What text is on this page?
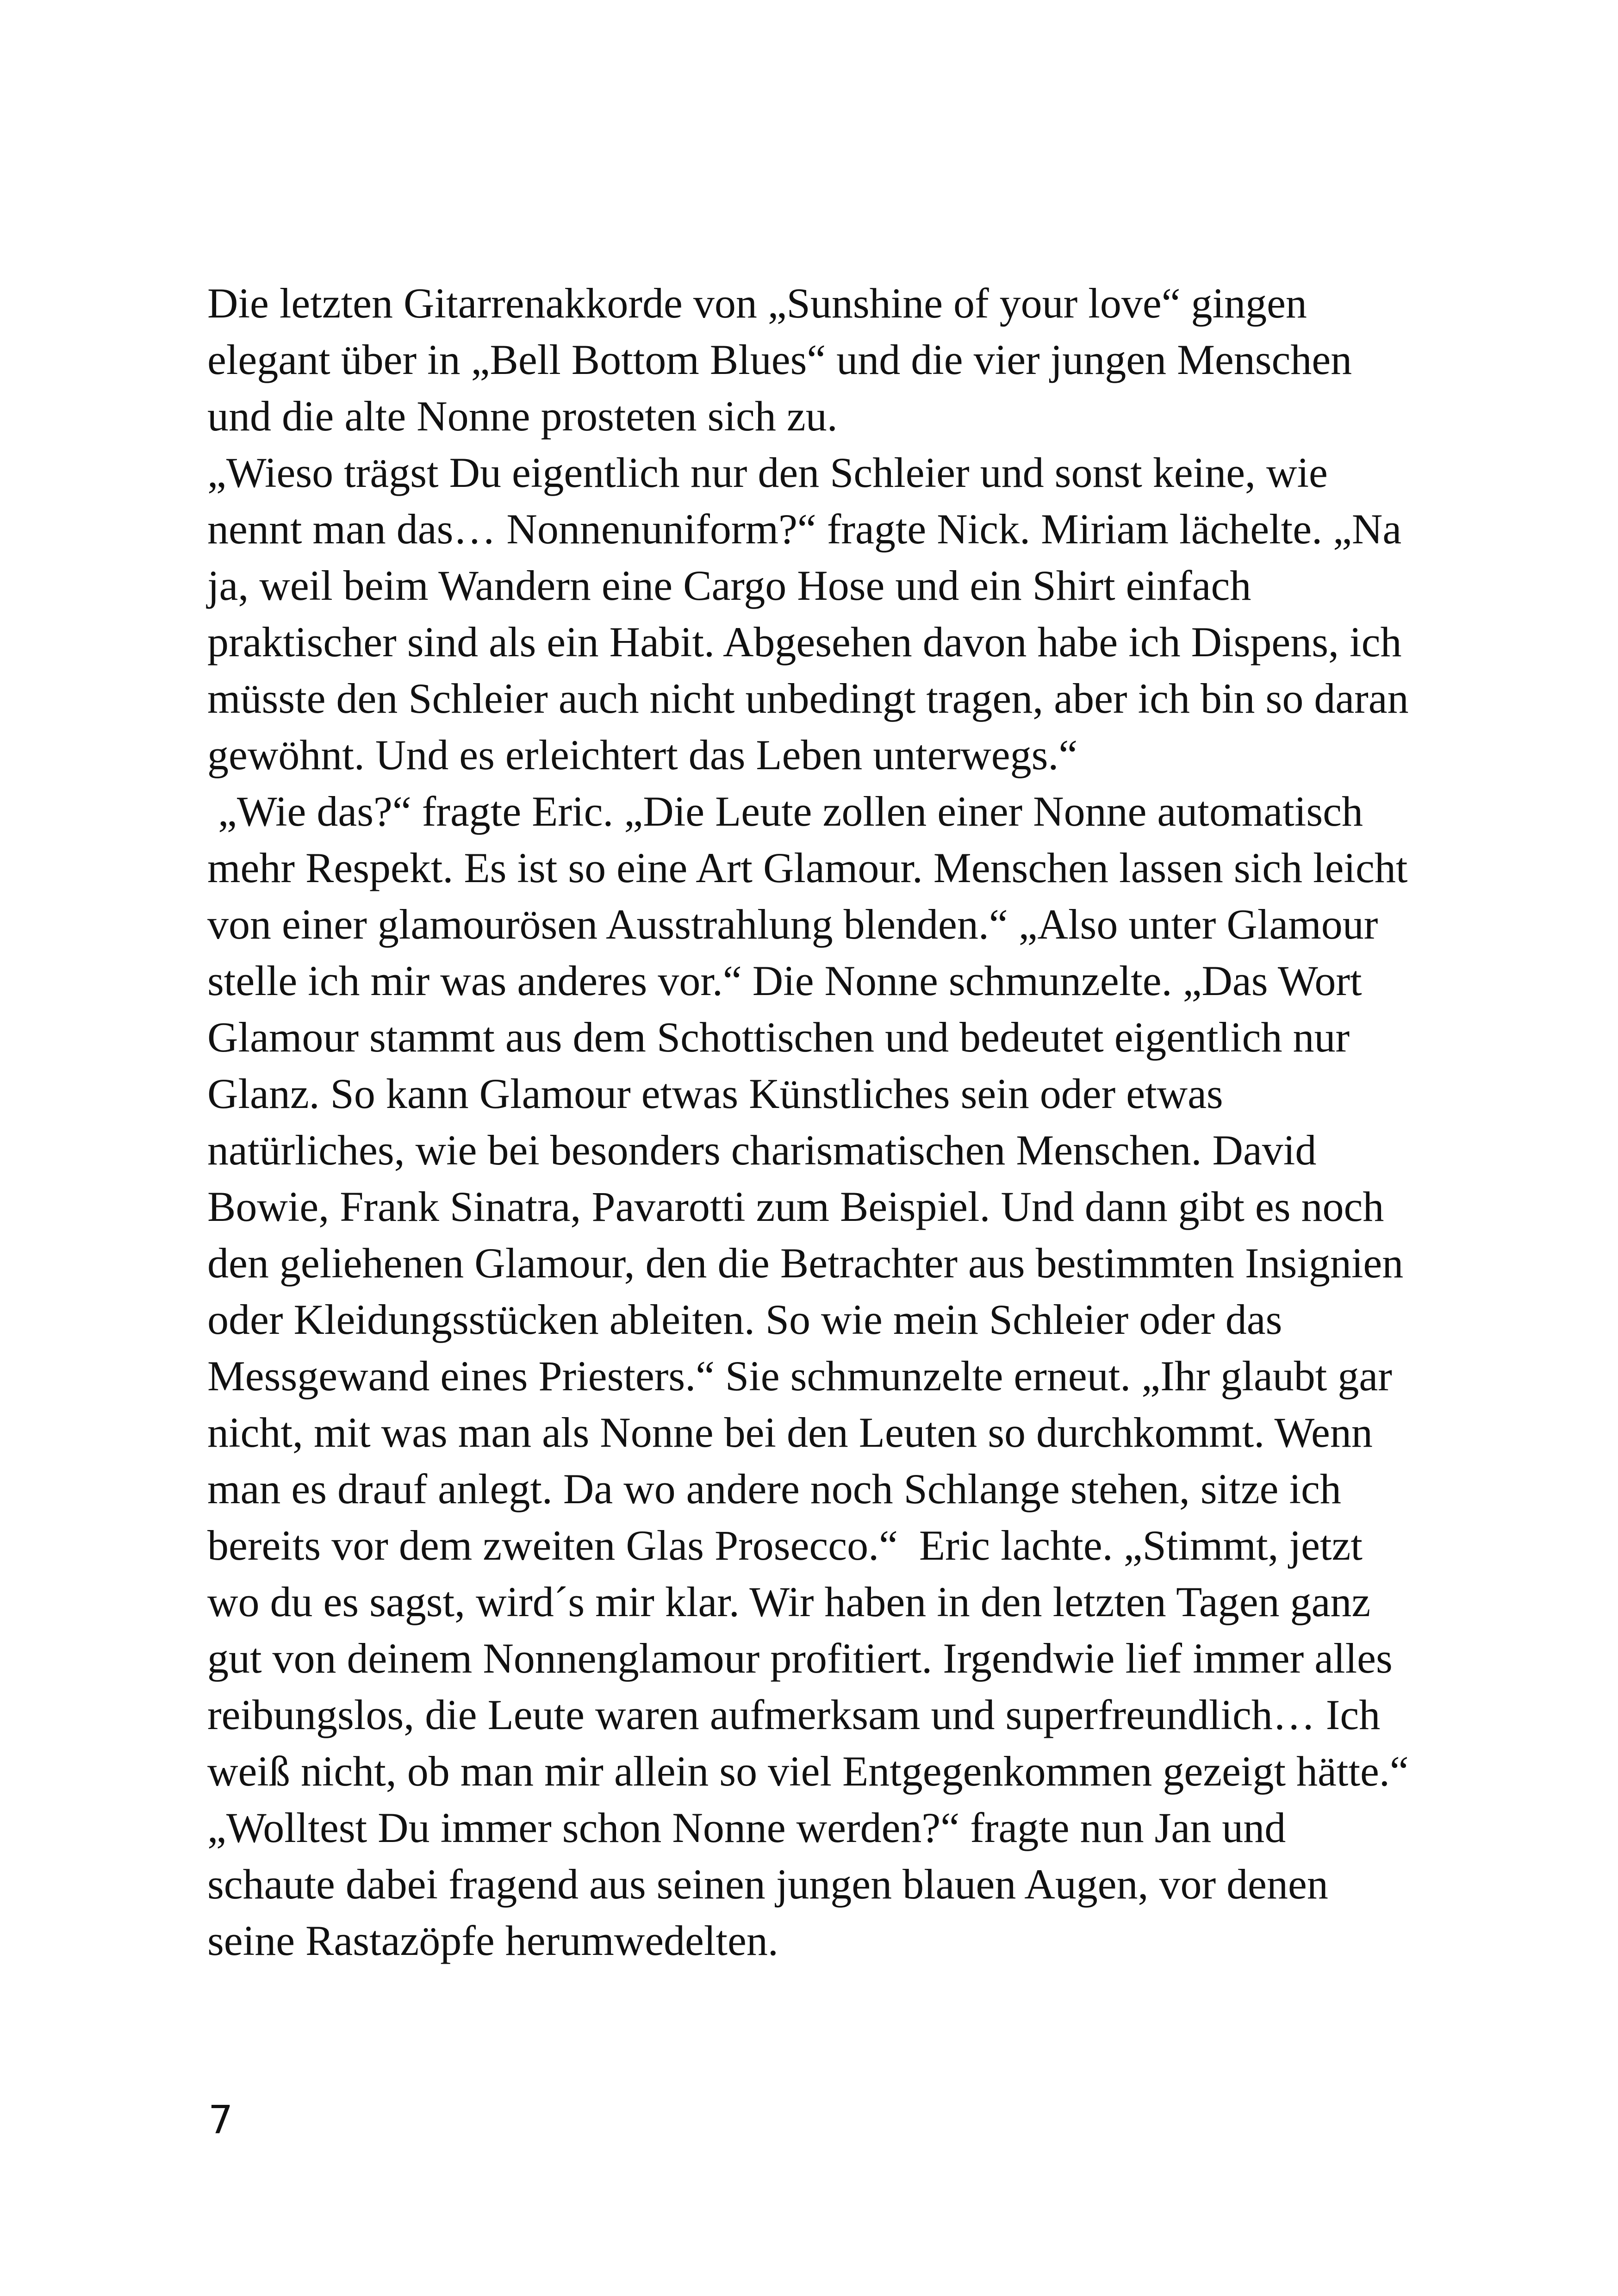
Die letzten Gitarrenakkorde von „Sunshine of your love“ gingen
elegant über in „Bell Bottom Blues“ und die vier jungen Menschen
und die alte Nonne prosteten sich zu.
„Wieso trägst Du eigentlich nur den Schleier und sonst keine, wie
nennt man das… Nonnenuniform?“ fragte Nick. Miriam lächelte. „Na
ja, weil beim Wandern eine Cargo Hose und ein Shirt einfach
praktischer sind als ein Habit. Abgesehen davon habe ich Dispens, ich
müsste den Schleier auch nicht unbedingt tragen, aber ich bin so daran
gewöhnt. Und es erleichtert das Leben unterwegs.“
„Wie das?“ fragte Eric. „Die Leute zollen einer Nonne automatisch
mehr Respekt. Es ist so eine Art Glamour. Menschen lassen sich leicht
von einer glamourösen Ausstrahlung blenden.“ „Also unter Glamour
stelle ich mir was anderes vor.“ Die Nonne schmunzelte. „Das Wort
Glamour stammt aus dem Schottischen und bedeutet eigentlich nur
Glanz. So kann Glamour etwas Künstliches sein oder etwas
natürliches, wie bei besonders charismatischen Menschen. David
Bowie, Frank Sinatra, Pavarotti zum Beispiel. Und dann gibt es noch
den geliehenen Glamour, den die Betrachter aus bestimmten Insignien
oder Kleidungsstücken ableiten. So wie mein Schleier oder das
Messgewand eines Priesters.“ Sie schmunzelte erneut. „Ihr glaubt gar
nicht, mit was man als Nonne bei den Leuten so durchkommt. Wenn
man es drauf anlegt. Da wo andere noch Schlange stehen, sitze ich
bereits vor dem zweiten Glas Prosecco.“  Eric lachte. „Stimmt, jetzt
wo du es sagst, wird´s mir klar. Wir haben in den letzten Tagen ganz
gut von deinem Nonnenglamour profitiert. Irgendwie lief immer alles
reibungslos, die Leute waren aufmerksam und superfreundlich… Ich
weiß nicht, ob man mir allein so viel Entgegenkommen gezeigt hätte.“
„Wolltest Du immer schon Nonne werden?“ fragte nun Jan und
schaute dabei fragend aus seinen jungen blauen Augen, vor denen
seine Rastazöpfe herumwedelten.
7
